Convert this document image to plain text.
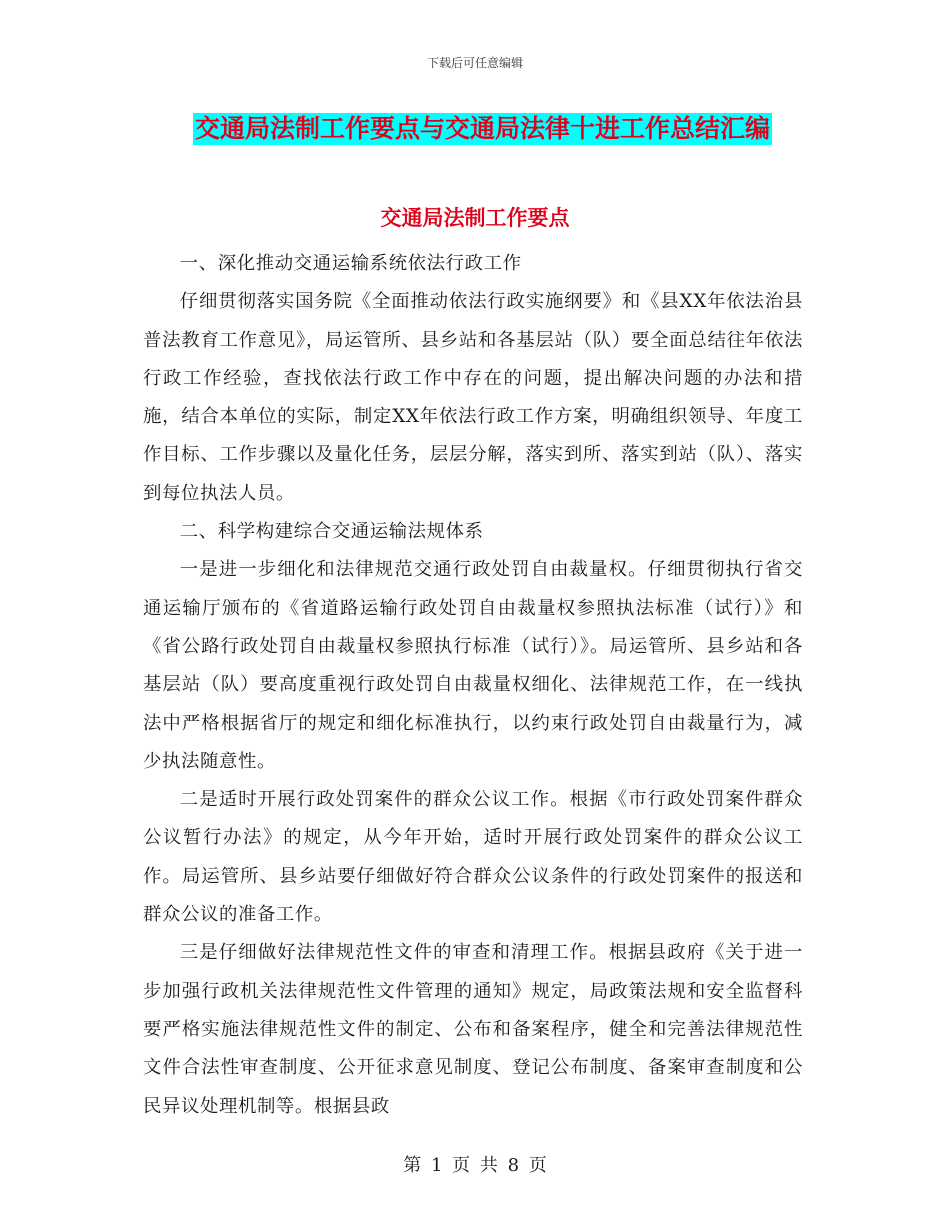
下载后可任意编辑
交通局法制工作要点与交通局法律十进工作总结汇编
交通局法制工作要点

一、深化推动交通运输系统依法行政工作

仔细贯彻落实国务院《全面推动依法行政实施纲要》和《县XX年依法治县普法教育工作意见》，局运管所、县乡站和各基层站（队）要全面总结往年依法行政工作经验，查找依法行政工作中存在的问题，提出解决问题的办法和措施，结合本单位的实际，制定XX年依法行政工作方案，明确组织领导、年度工作目标、工作步骤以及量化任务，层层分解，落实到所、落实到站（队）、落实到每位执法人员。

二、科学构建综合交通运输法规体系

一是进一步细化和法律规范交通行政处罚自由裁量权。仔细贯彻执行省交通运输厅颁布的《省道路运输行政处罚自由裁量权参照执法标准（试行）》和《省公路行政处罚自由裁量权参照执行标准（试行）》。局运管所、县乡站和各基层站（队）要高度重视行政处罚自由裁量权细化、法律规范工作，在一线执法中严格根据省厅的规定和细化标准执行，以约束行政处罚自由裁量行为，减少执法随意性。

二是适时开展行政处罚案件的群众公议工作。根据《市行政处罚案件群众公议暂行办法》的规定，从今年开始，适时开展行政处罚案件的群众公议工作。局运管所、县乡站要仔细做好符合群众公议条件的行政处罚案件的报送和群众公议的准备工作。

三是仔细做好法律规范性文件的审查和清理工作。根据县政府《关于进一步加强行政机关法律规范性文件管理的通知》规定，局政策法规和安全监督科要严格实施法律规范性文件的制定、公布和备案程序，健全和完善法律规范性文件合法性审查制度、公开征求意见制度、登记公布制度、备案审查制度和公民异议处理机制等。根据县政

第 1 页 共 8 页
